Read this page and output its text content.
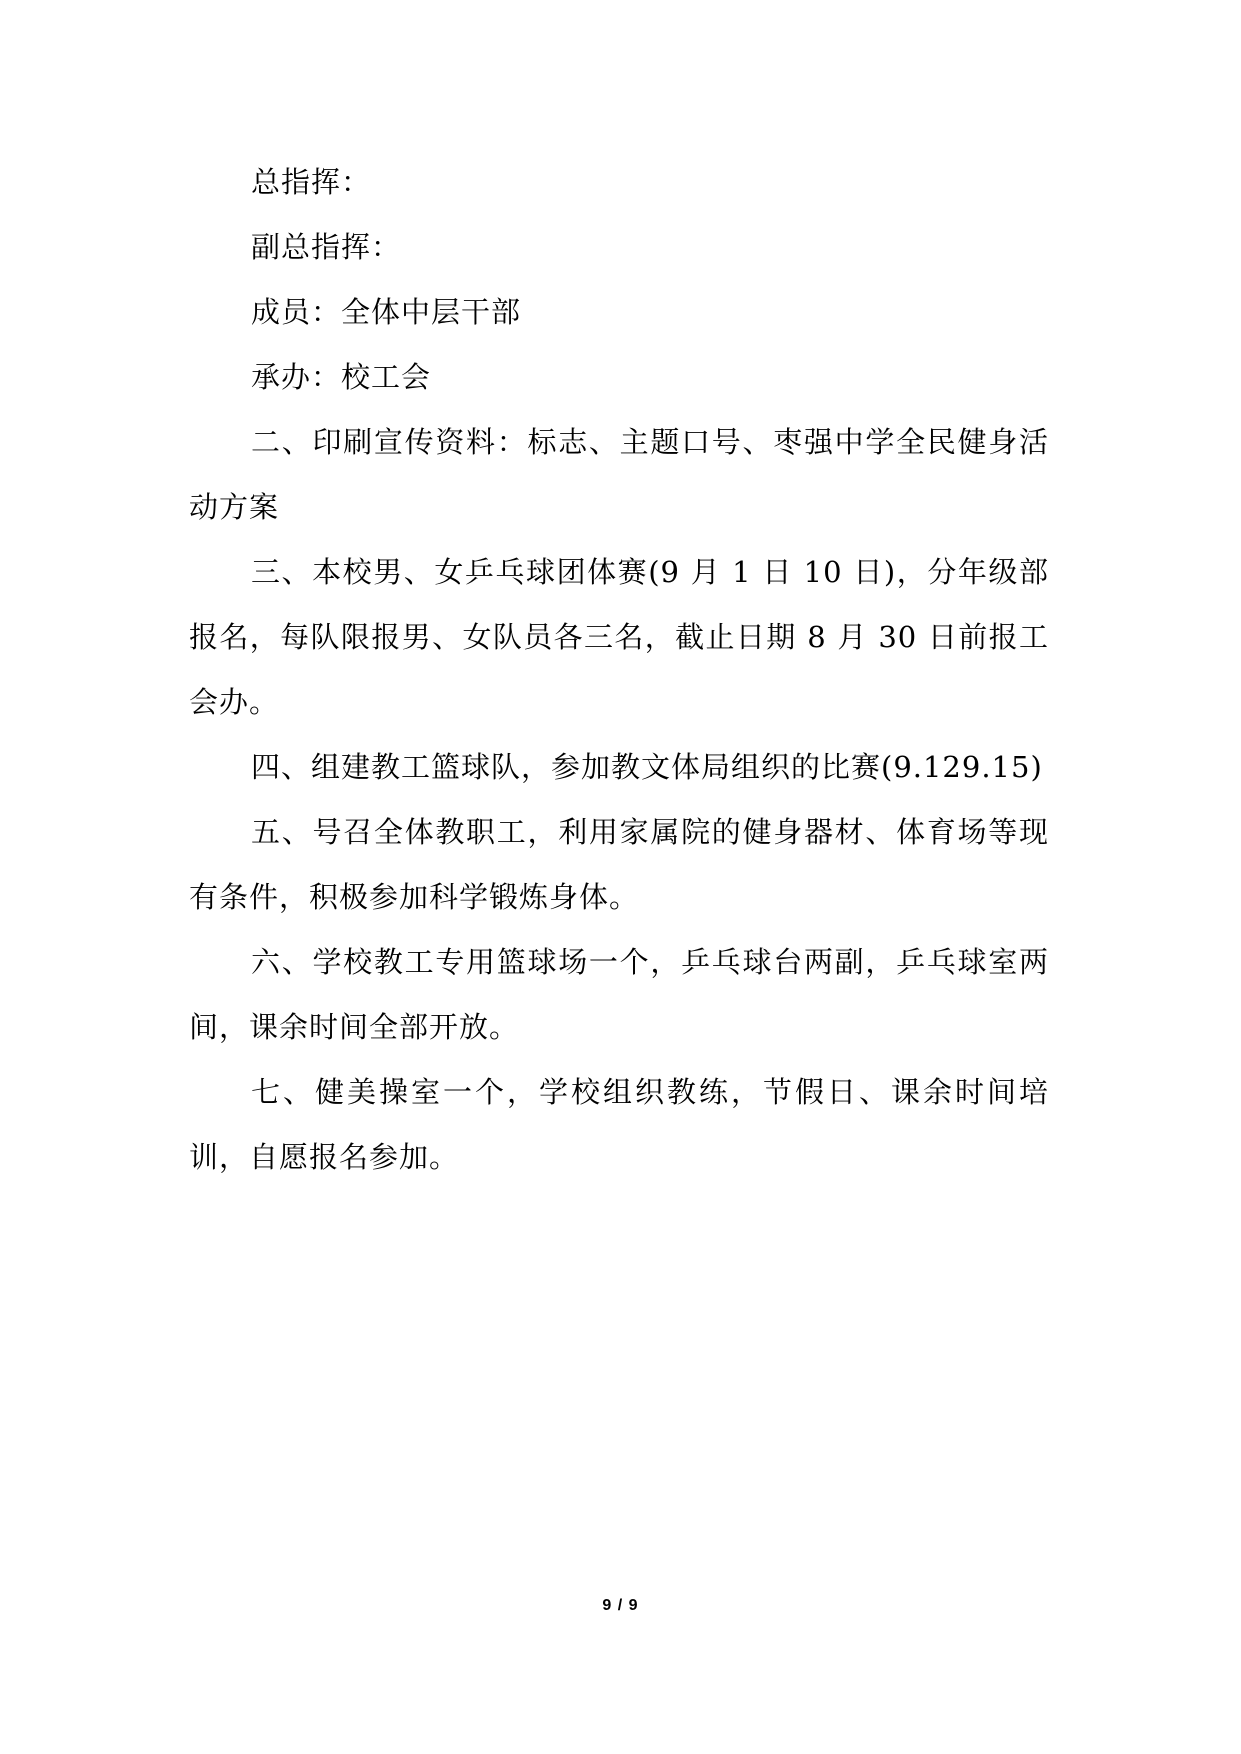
总指挥：

副总指挥：

成员：全体中层干部

承办：校工会

二、印刷宣传资料：标志、主题口号、枣强中学全民健身活动方案

三、本校男、女乒乓球团体赛(9 月 1 日 10 日)，分年级部报名，每队限报男、女队员各三名，截止日期 8 月 30 日前报工会办。

四、组建教工篮球队，参加教文体局组织的比赛(9.129.15)

五、号召全体教职工，利用家属院的健身器材、体育场等现有条件，积极参加科学锻炼身体。

六、学校教工专用篮球场一个，乒乓球台两副，乒乓球室两间，课余时间全部开放。

七、健美操室一个，学校组织教练，节假日、课余时间培训，自愿报名参加。

9 / 9
